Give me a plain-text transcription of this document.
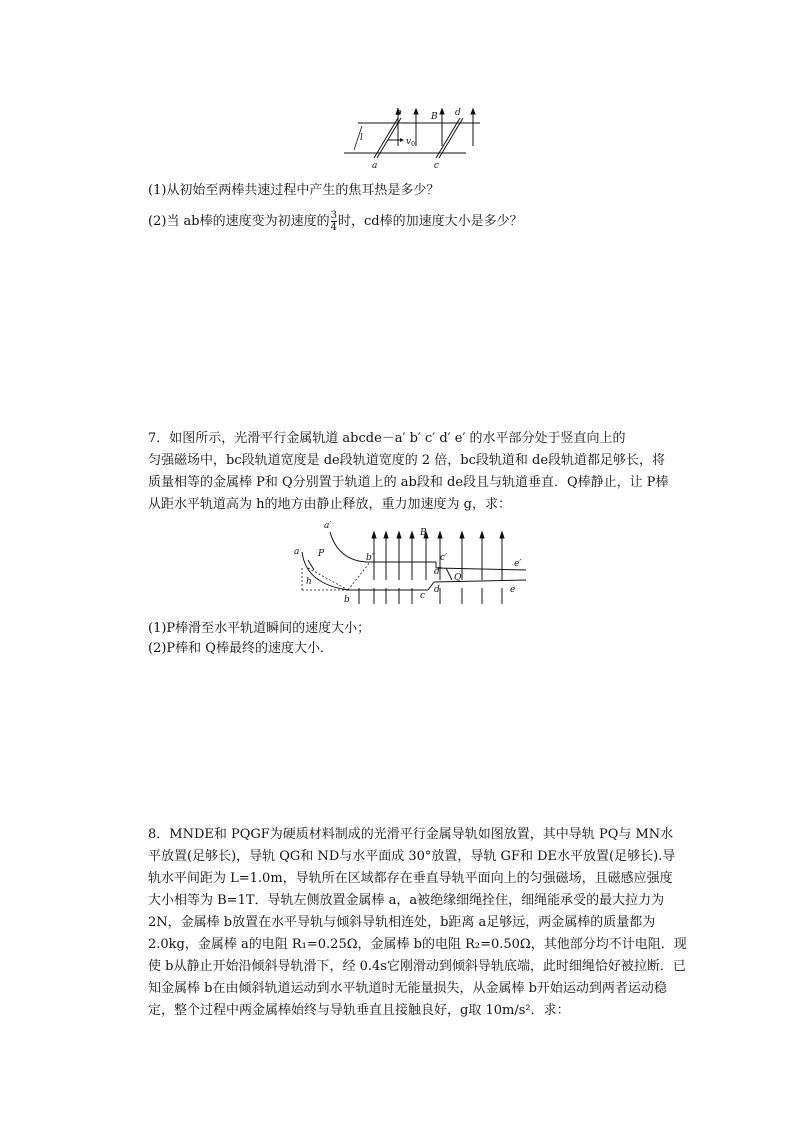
b	B d
l	$v_0$
a	c
(1)从初始至两棒共速过程中产生的焦耳热是多少？
(2)当 ab棒的速度变为初速度的 $\frac{3}{4}$ 时，cd棒的加速度大小是多少？

7．如图所示，光滑平行金属轨道 abcde－a′ b′ c′ d′ e′ 的水平部分处于竖直向上的

匀强磁场中，bc段轨道宽度是 de段轨道宽度的 2 倍，bc段轨道和 de段轨道都足够长，将

质量相等的金属棒 P和 Q分别置于轨道上的 ab段和 de段且与轨道垂直．Q棒静止，让 P棒

从距水平轨道高为 h的地方由静止释放，重力加速度为 g，求：

a′
a P
h
b
b′
B
c′
c
d′
d
Q
e′
e
(1)P棒滑至水平轨道瞬间的速度大小；
(2)P棒和 Q棒最终的速度大小．

8．MNDE和 PQGF为硬质材料制成的光滑平行金属导轨如图放置，其中导轨 PQ与 MN水

平放置(足够长)，导轨 QG和 ND与水平面成 30°放置，导轨 GF和 DE水平放置(足够长).导

轨水平间距为 L=1.0m，导轨所在区域都存在垂直导轨平面向上的匀强磁场，且磁感应强度

大小相等为 B=1T．导轨左侧放置金属棒 a，a被绝缘细绳拴住，细绳能承受的最大拉力为

2N，金属棒 b放置在水平导轨与倾斜导轨相连处，b距离 a足够远，两金属棒的质量都为

2.0kg，金属棒 a的电阻 R₁=0.25Ω，金属棒 b的电阻 R₂=0.50Ω，其他部分均不计电阻．现

使 b从静止开始沿倾斜导轨滑下，经 0.4s它刚滑动到倾斜导轨底端，此时细绳恰好被拉断．已

知金属棒 b在由倾斜轨道运动到水平轨道时无能量损失，从金属棒 b开始运动到两者运动稳

定，整个过程中两金属棒始终与导轨垂直且接触良好，g取 10m/s²．求：
